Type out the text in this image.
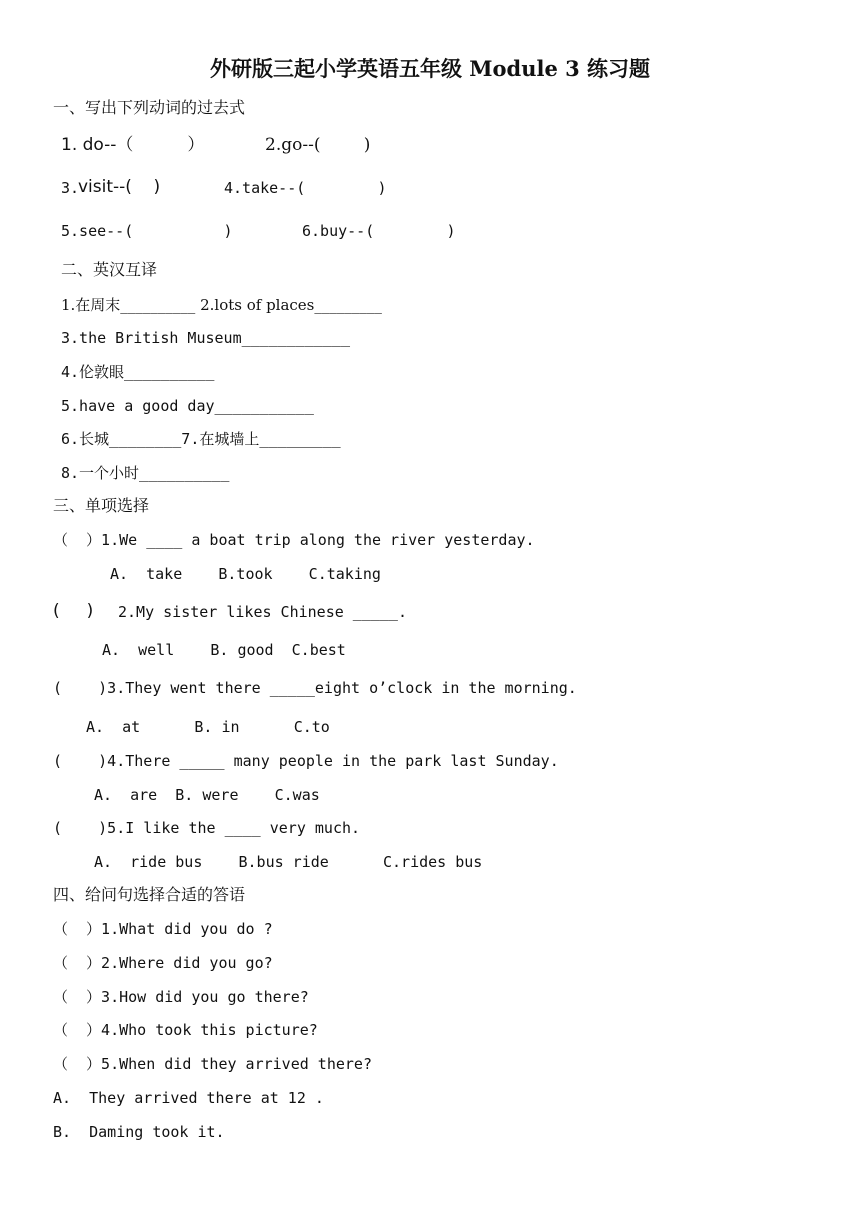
外研版三起小学英语五年级 Module 3 练习题
一、写出下列动词的过去式
1. do--（          ）	2.go--(        )
3.
visit--(    )	4.take--(        )
5.see--(          )	6.buy--(        )
二、英汉互译
1.在周末__________ 2.lots of places_________
3.the British Museum____________
4.伦敦眼__________
5.have a good day___________
6.长城________7.在城墙上_________
8.一个小时__________
三、单项选择
（  ）1.We ____ a boat trip along the river yesterday.
A.  take    B.took    C.taking
(     ) 2.My sister likes Chinese _____.
A.  well    B. good  C.best
(    )3.They went there _____eight o’clock in the morning.
A.  at      B. in      C.to
(    )4.There _____ many people in the park last Sunday.
A.  are  B. were    C.was
(    )5.I like the ____ very much.
A.  ride bus    B.bus ride      C.rides bus
四、给问句选择合适的答语
（  ）1.What did you do ?
（  ）2.Where did you go?
（  ）3.How did you go there?
（  ）4.Who took this picture?
（  ）5.When did they arrived there?
A.  They arrived there at 12 .
B.  Daming took it.
